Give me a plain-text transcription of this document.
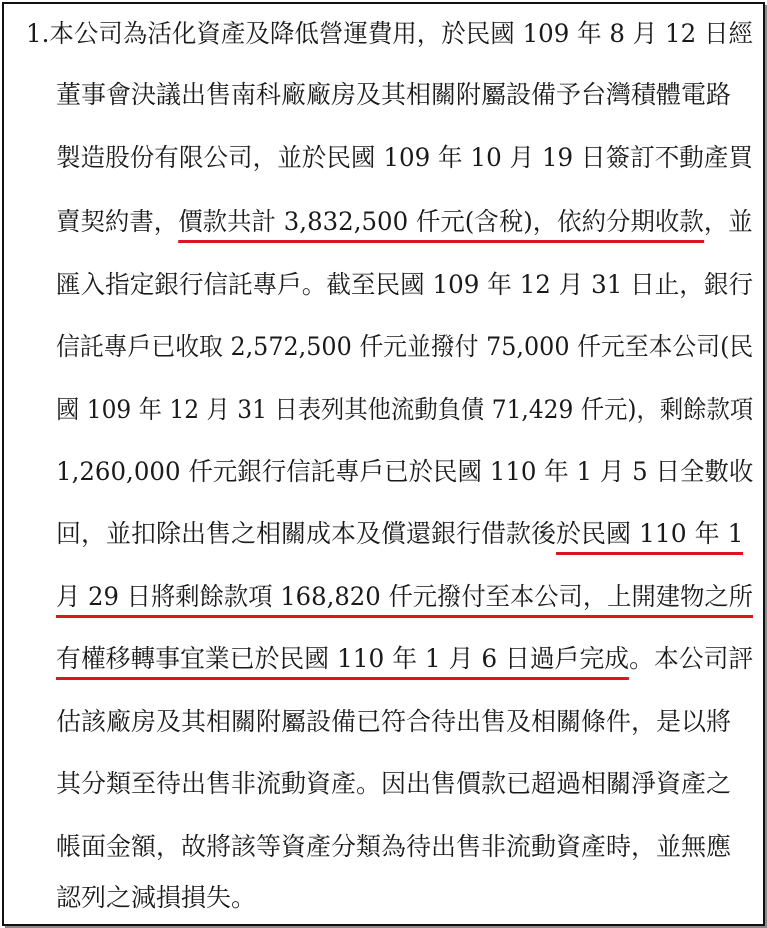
1.本公司為活化資產及降低營運費用，於民國 109 年 8 月 12 日經
董事會決議出售南科廠廠房及其相關附屬設備予台灣積體電路
製造股份有限公司，並於民國 109 年 10 月 19 日簽訂不動產買
賣契約書，價款共計 3,832,500 仟元(含稅)，依約分期收款，並
匯入指定銀行信託專戶。截至民國 109 年 12 月 31 日止，銀行
信託專戶已收取 2,572,500 仟元並撥付 75,000 仟元至本公司(民
國 109 年 12 月 31 日表列其他流動負債 71,429 仟元)，剩餘款項
1,260,000 仟元銀行信託專戶已於民國 110 年 1 月 5 日全數收
回，並扣除出售之相關成本及償還銀行借款後於民國 110 年 1
月 29 日將剩餘款項 168,820 仟元撥付至本公司，上開建物之所
有權移轉事宜業已於民國 110 年 1 月 6 日過戶完成。本公司評
估該廠房及其相關附屬設備已符合待出售及相關條件，是以將
其分類至待出售非流動資產。因出售價款已超過相關淨資產之
帳面金額，故將該等資產分類為待出售非流動資產時，並無應
認列之減損損失。
